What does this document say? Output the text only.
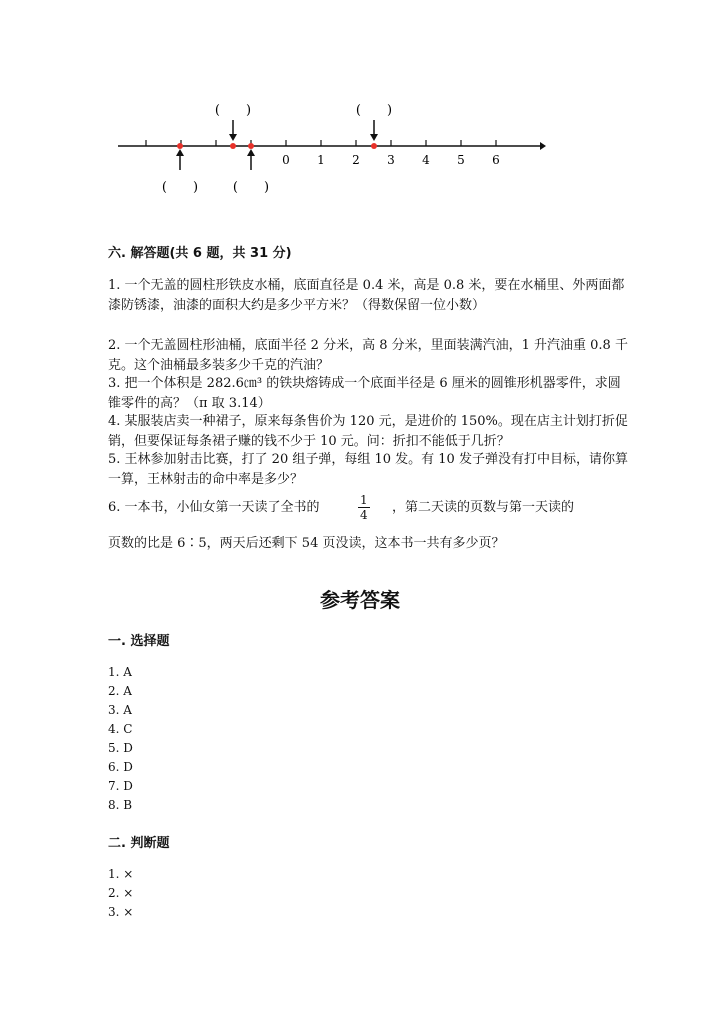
0 1 2 3 4 5 6
(　　)	(　　)
(　　)	(　　)
六. 解答题(共 6 题，共 31 分)

1. 一个无盖的圆柱形铁皮水桶，底面直径是 0.4 米，高是 0.8 米，要在水桶里、外两面都漆防锈漆，油漆的面积大约是多少平方米？（得数保留一位小数）

2. 一个无盖圆柱形油桶，底面半径 2 分米，高 8 分米，里面装满汽油，1 升汽油重 0.8 千克。这个油桶最多装多少千克的汽油？

3. 把一个体积是 282.6㎝³ 的铁块熔铸成一个底面半径是 6 厘米的圆锥形机器零件，求圆锥零件的高？（π 取 3.14）

4. 某服装店卖一种裙子，原来每条售价为 120 元，是进价的 150%。现在店主计划打折促销，但要保证每条裙子赚的钱不少于 10 元。问：折扣不能低于几折？

5. 王林参加射击比赛，打了 20 组子弹，每组 10 发。有 10 发子弹没有打中目标，请你算一算，王林射击的命中率是多少？

6. 一本书，小仙女第一天读了全书的	$\frac{1}{4}$ ，第二天读的页数与第一天读的
页数的比是 6∶5，两天后还剩下 54 页没读，这本书一共有多少页？
参考答案
一. 选择题
1. A
2. A
3. A
4. C
5. D
6. D
7. D
8. B
二. 判断题
1. ×
2. ×
3. ×
